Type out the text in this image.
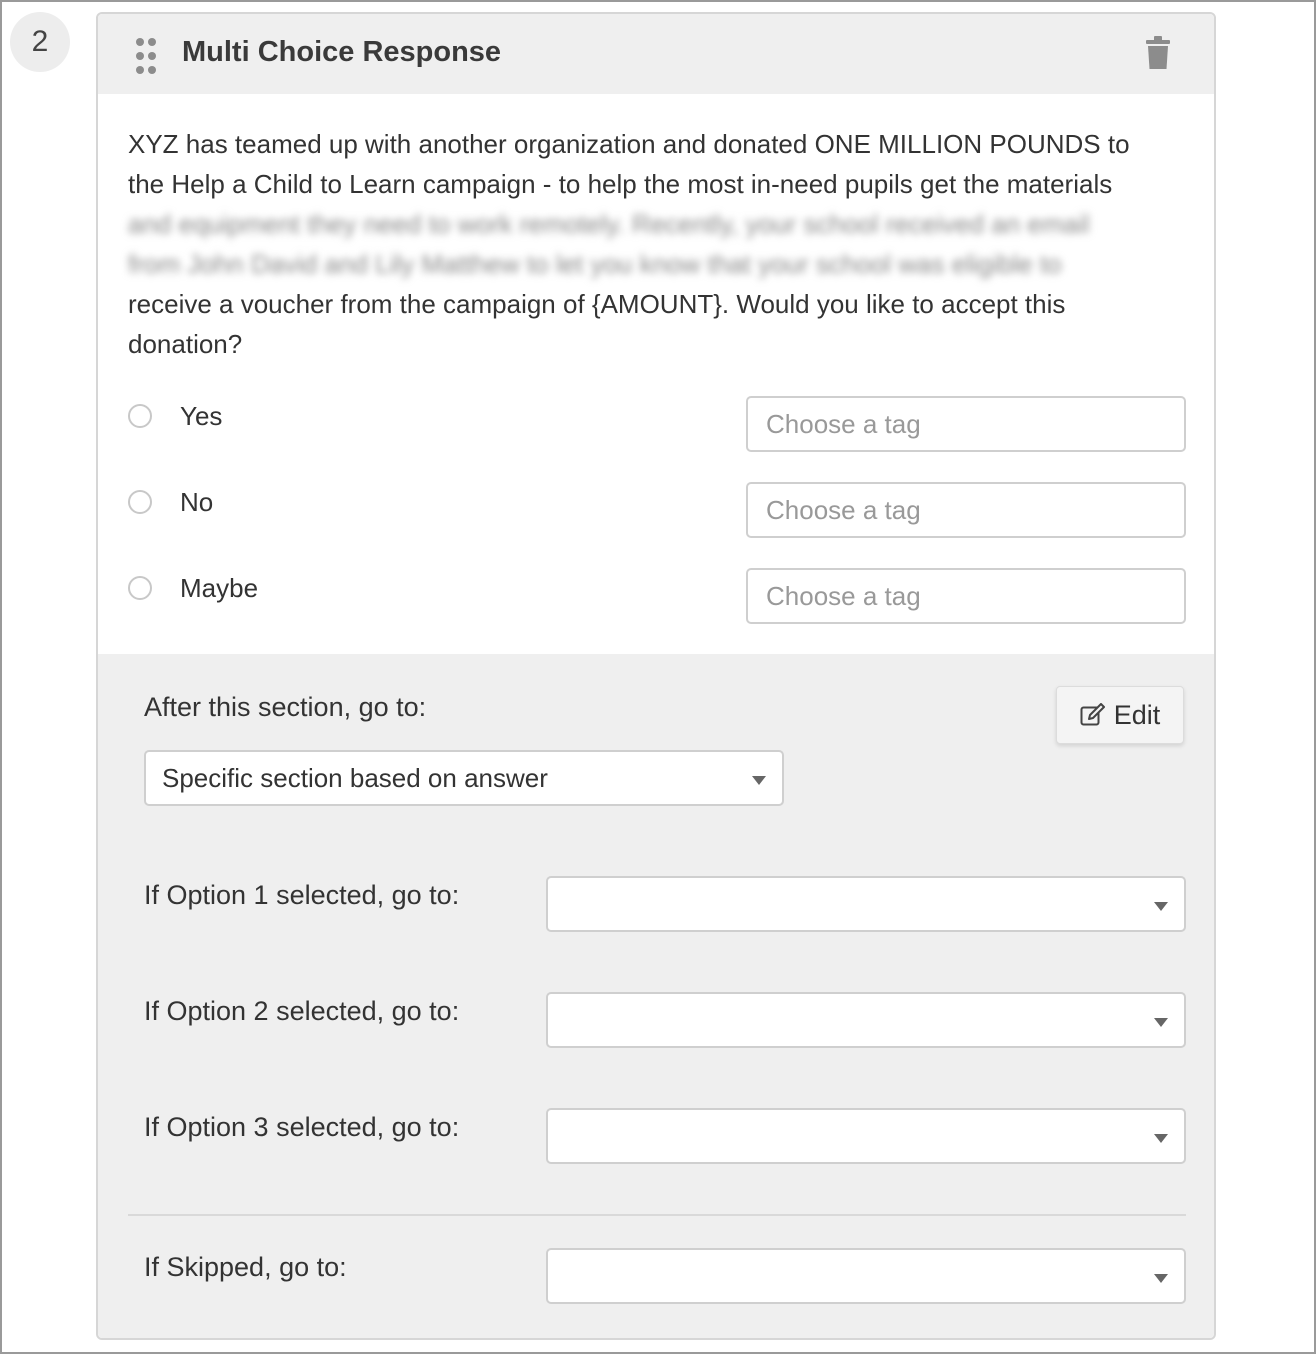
2	Multi Choice Response
XYZ has teamed up with another organization and donated ONE MILLION POUNDS to
the Help a Child to Learn campaign - to help the most in-need pupils get the materials
and equipment they need to work remotely. Recently, your school received an email
from John David and Lily Matthew to let you know that your school was eligible to
receive a voucher from the campaign of {AMOUNT}. Would you like to accept this
donation?
Yes
Choose a tag
No
Choose a tag
Maybe
Choose a tag
After this section, go to:	Edit
Specific section based on answer
If Option 1 selected, go to:
If Option 2 selected, go to:
If Option 3 selected, go to:
If Skipped, go to:
